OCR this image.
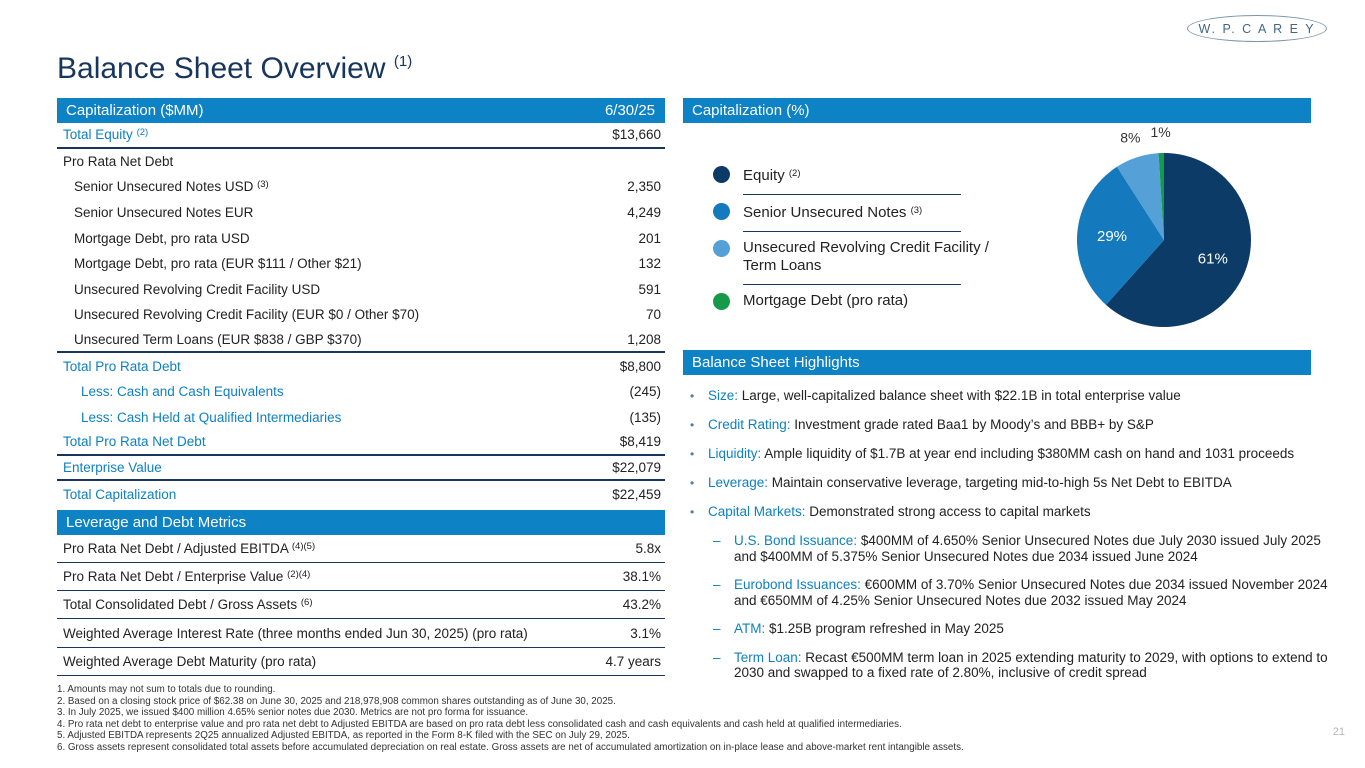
W. P. C A R E Y
Balance Sheet Overview $^{(1)}$
Capitalization ($MM)	6/30/25
Total Equity $^{(2)}$	$13,660
Pro Rata Net Debt
Senior Unsecured Notes USD $^{(3)}$	2,350
Senior Unsecured Notes EUR	4,249
Mortgage Debt, pro rata USD	201
Mortgage Debt, pro rata (EUR $111 / Other $21)	132
Unsecured Revolving Credit Facility USD	591
Unsecured Revolving Credit Facility (EUR $0 / Other $70)	70
Unsecured Term Loans (EUR $838 / GBP $370)	1,208
Total Pro Rata Debt	$8,800
Less: Cash and Cash Equivalents	(245)
Less: Cash Held at Qualified Intermediaries	(135)
Total Pro Rata Net Debt	$8,419
Enterprise Value	$22,079
Total Capitalization	$22,459
Leverage and Debt Metrics
Pro Rata Net Debt / Adjusted EBITDA $^{(4)(5)}$	5.8x
Pro Rata Net Debt / Enterprise Value $^{(2)(4)}$	38.1%
Total Consolidated Debt / Gross Assets $^{(6)}$	43.2%
Weighted Average Interest Rate (three months ended Jun 30, 2025) (pro rata)	3.1%
Weighted Average Debt Maturity (pro rata)	4.7 years
Capitalization (%)
Equity $^{(2)}$
Senior Unsecured Notes $^{(3)}$
Unsecured Revolving Credit Facility / Term Loans
Mortgage Debt (pro rata)
61%
29%
8% 1%
Balance Sheet Highlights
•	Size: Large, well-capitalized balance sheet with $22.1B in total enterprise value
•	Credit Rating: Investment grade rated Baa1 by Moody’s and BBB+ by S&P
•	Liquidity: Ample liquidity of $1.7B at year end including $380MM cash on hand and 1031 proceeds
•	Leverage: Maintain conservative leverage, targeting mid-to-high 5s Net Debt to EBITDA
•	Capital Markets: Demonstrated strong access to capital markets
– U.S. Bond Issuance: $400MM of 4.650% Senior Unsecured Notes due July 2030 issued July 2025 and $400MM of 5.375% Senior Unsecured Notes due 2034 issued June 2024
– Eurobond Issuances: €600MM of 3.70% Senior Unsecured Notes due 2034 issued November 2024 and €650MM of 4.25% Senior Unsecured Notes due 2032 issued May 2024
– ATM: $1.25B program refreshed in May 2025
– Term Loan: Recast €500MM term loan in 2025 extending maturity to 2029, with options to extend to 2030 and swapped to a fixed rate of 2.80%, inclusive of credit spread
1. Amounts may not sum to totals due to rounding.
2. Based on a closing stock price of $62.38 on June 30, 2025 and 218,978,908 common shares outstanding as of June 30, 2025.
3. In July 2025, we issued $400 million 4.65% senior notes due 2030. Metrics are not pro forma for issuance.
4. Pro rata net debt to enterprise value and pro rata net debt to Adjusted EBITDA are based on pro rata debt less consolidated cash and cash equivalents and cash held at qualified intermediaries.
5. Adjusted EBITDA represents 2Q25 annualized Adjusted EBITDA, as reported in the Form 8-K filed with the SEC on July 29, 2025.
6. Gross assets represent consolidated total assets before accumulated depreciation on real estate. Gross assets are net of accumulated amortization on in-place lease and above-market rent intangible assets.
21
